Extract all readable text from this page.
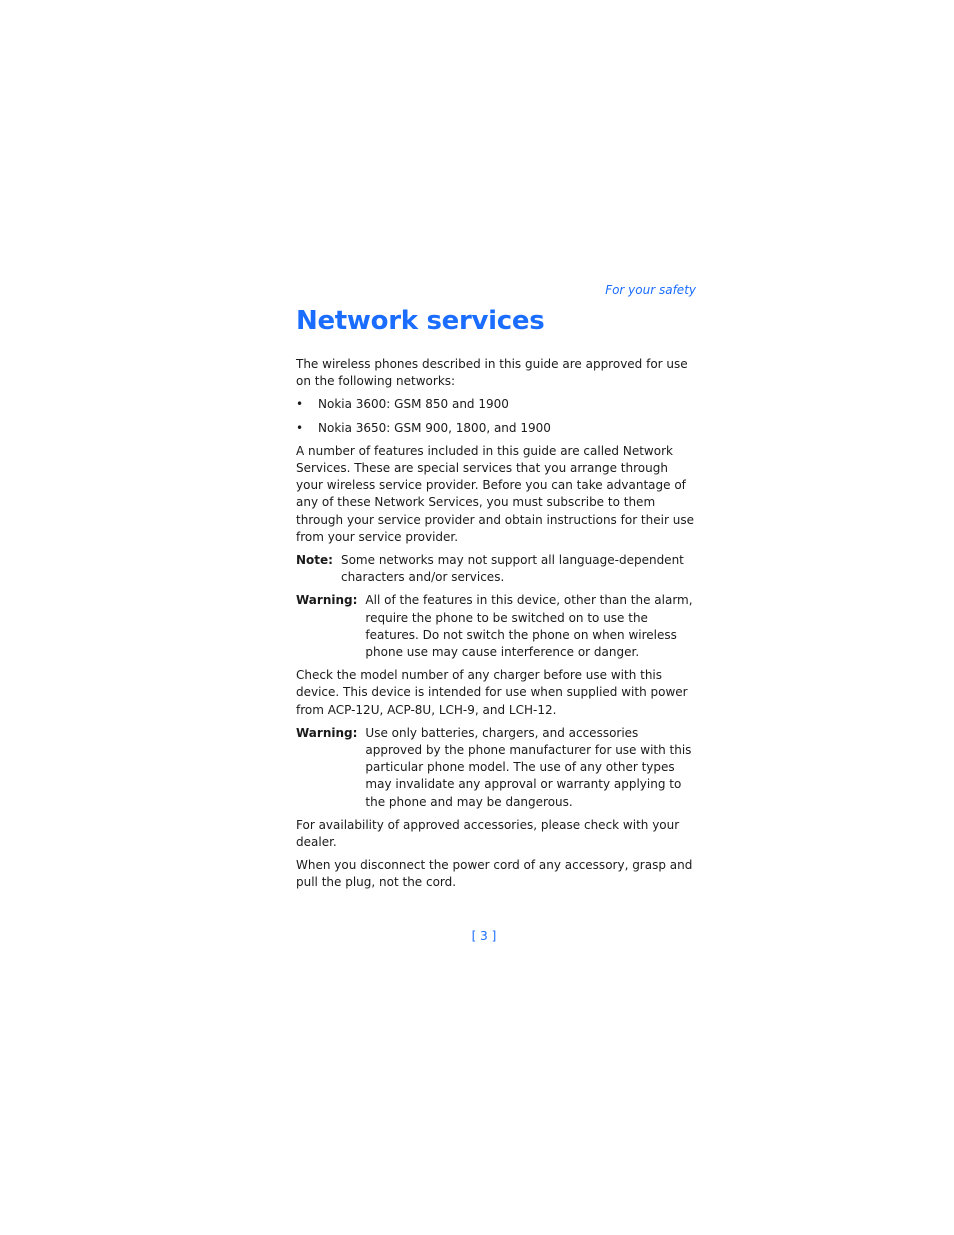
For your safety
Network services

The wireless phones described in this guide are approved for use on the following networks:

• Nokia 3600: GSM 850 and 1900
• Nokia 3650: GSM 900, 1800, and 1900

A number of features included in this guide are called Network Services. These are special services that you arrange through your wireless service provider. Before you can take advantage of any of these Network Services, you must subscribe to them through your service provider and obtain instructions for their use from your service provider.

Note: Some networks may not support all language-dependent characters and/or services.
Warning: All of the features in this device, other than the alarm, require the phone to be switched on to use the features. Do not switch the phone on when wireless phone use may cause interference or danger.

Check the model number of any charger before use with this device. This device is intended for use when supplied with power from ACP-12U, ACP-8U, LCH-9, and LCH-12.

Warning: Use only batteries, chargers, and accessories approved by the phone manufacturer for use with this particular phone model. The use of any other types may invalidate any approval or warranty applying to the phone and may be dangerous.

For availability of approved accessories, please check with your dealer.

When you disconnect the power cord of any accessory, grasp and pull the plug, not the cord.

[ 3 ]
